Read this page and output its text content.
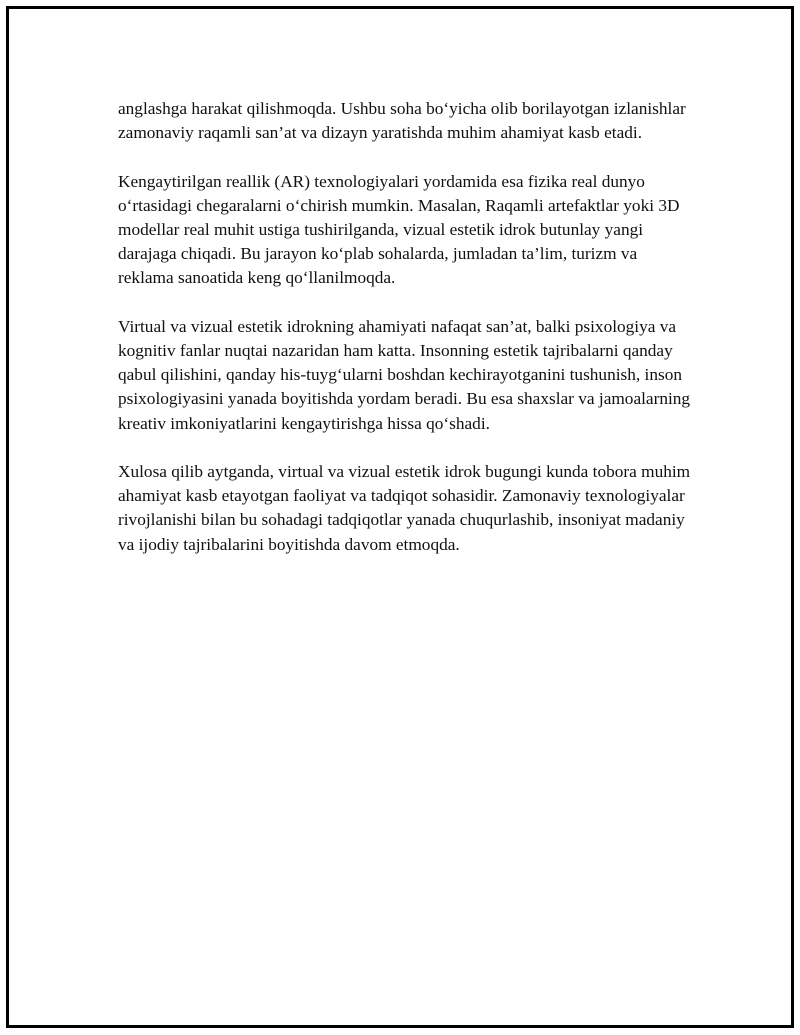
anglashga harakat qilishmoqda. Ushbu soha bo‘yicha olib borilayotgan izlanishlar zamonaviy raqamli san’at va dizayn yaratishda muhim ahamiyat kasb etadi.

Kengaytirilgan reallik (AR) texnologiyalari yordamida esa fizika real dunyo o‘rtasidagi chegaralarni o‘chirish mumkin. Masalan, Raqamli artefaktlar yoki 3D modellar real muhit ustiga tushirilganda, vizual estetik idrok butunlay yangi darajaga chiqadi. Bu jarayon ko‘plab sohalarda, jumladan ta’lim, turizm va reklama sanoatida keng qo‘llanilmoqda.

Virtual va vizual estetik idrokning ahamiyati nafaqat san’at, balki psixologiya va kognitiv fanlar nuqtai nazaridan ham katta. Insonning estetik tajribalarni qanday qabul qilishini, qanday his-tuyg‘ularni boshdan kechirayotganini tushunish, inson psixologiyasini yanada boyitishda yordam beradi. Bu esa shaxslar va jamoalarning kreativ imkoniyatlarini kengaytirishga hissa qo‘shadi.

Xulosa qilib aytganda, virtual va vizual estetik idrok bugungi kunda tobora muhim ahamiyat kasb etayotgan faoliyat va tadqiqot sohasidir. Zamonaviy texnologiyalar rivojlanishi bilan bu sohadagi tadqiqotlar yanada chuqurlashib, insoniyat madaniy va ijodiy tajribalarini boyitishda davom etmoqda.
